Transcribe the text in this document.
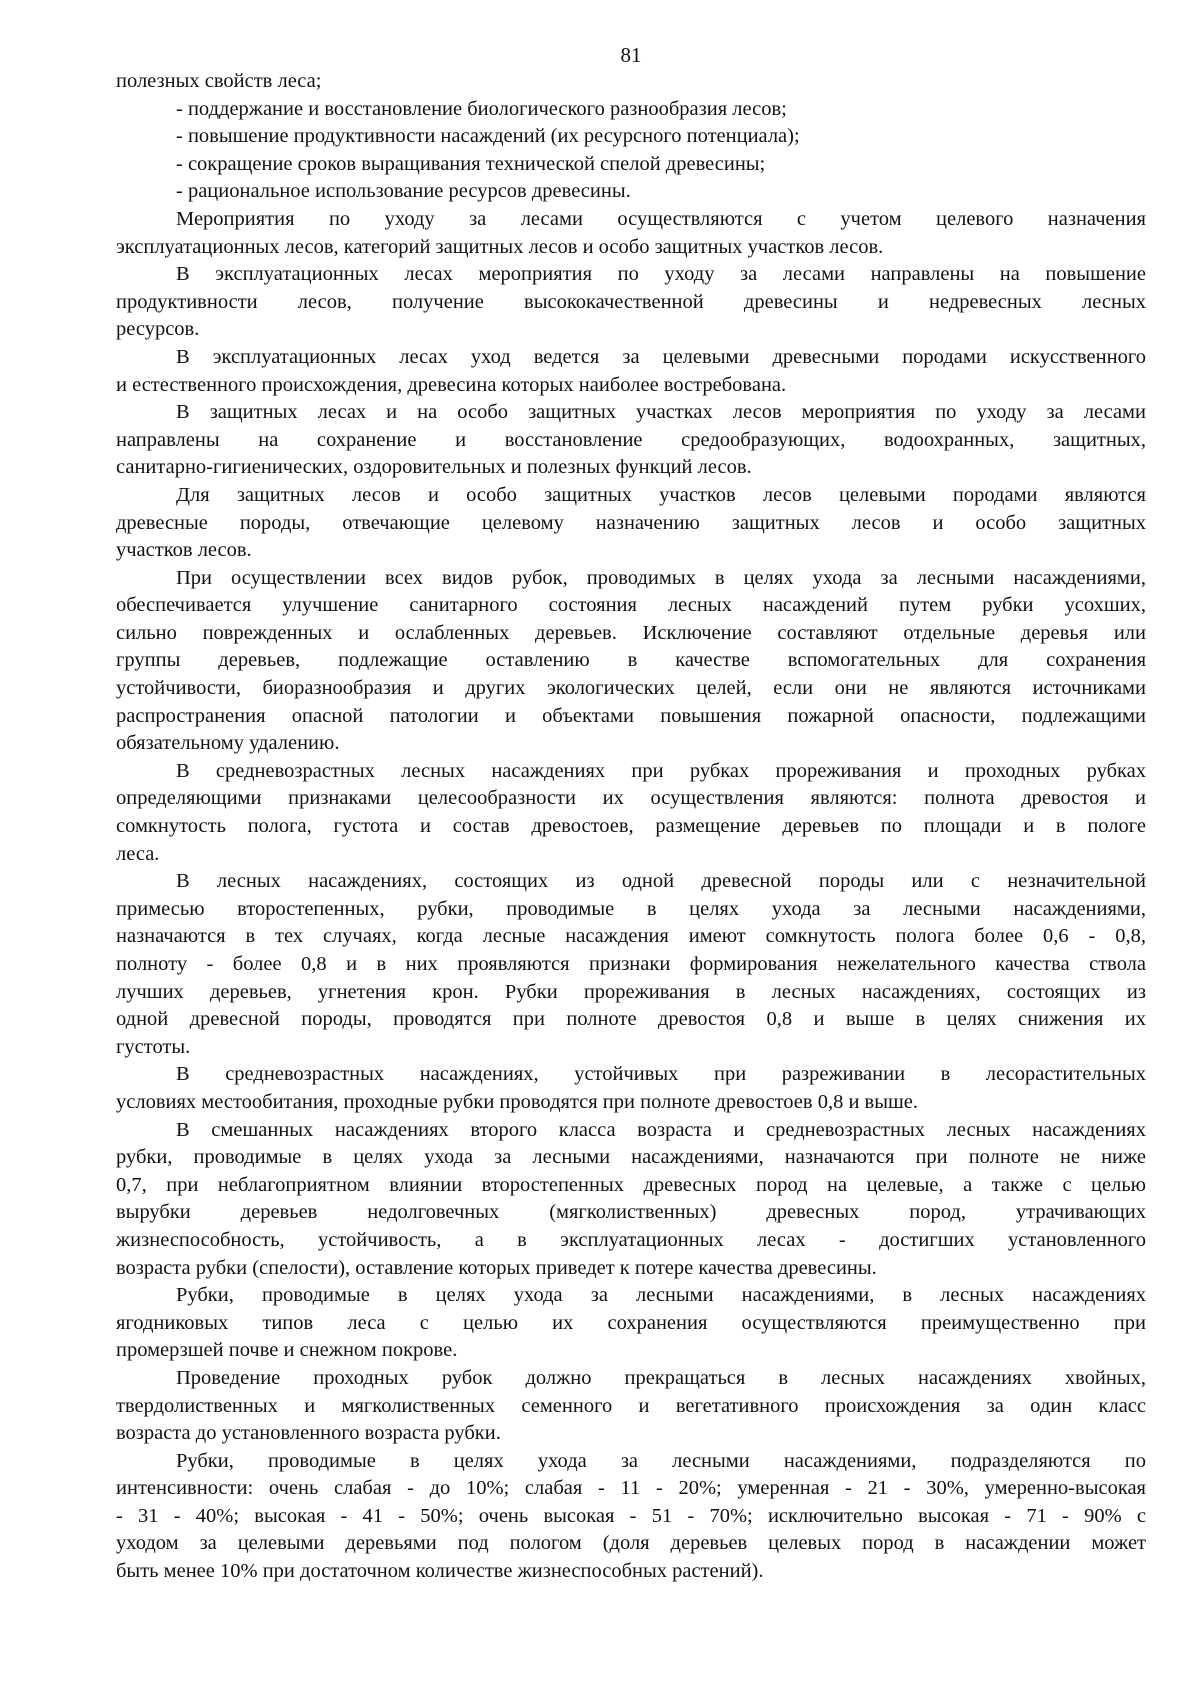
81
полезных свойств леса;
- поддержание и восстановление биологического разнообразия лесов;
- повышение продуктивности насаждений (их ресурсного потенциала);
- сокращение сроков выращивания технической спелой древесины;
- рациональное использование ресурсов древесины.
Мероприятия по уходу за лесами осуществляются с учетом целевого назначения
эксплуатационных лесов, категорий защитных лесов и особо защитных участков лесов.
В эксплуатационных лесах мероприятия по уходу за лесами направлены на повышение
продуктивности лесов, получение высококачественной древесины и недревесных лесных
ресурсов.
В эксплуатационных лесах уход ведется за целевыми древесными породами искусственного
и естественного происхождения, древесина которых наиболее востребована.
В защитных лесах и на особо защитных участках лесов мероприятия по уходу за лесами
направлены на сохранение и восстановление средообразующих, водоохранных, защитных,
санитарно-гигиенических, оздоровительных и полезных функций лесов.
Для защитных лесов и особо защитных участков лесов целевыми породами являются
древесные породы, отвечающие целевому назначению защитных лесов и особо защитных
участков лесов.
При осуществлении всех видов рубок, проводимых в целях ухода за лесными насаждениями,
обеспечивается улучшение санитарного состояния лесных насаждений путем рубки усохших,
сильно поврежденных и ослабленных деревьев. Исключение составляют отдельные деревья или
группы деревьев, подлежащие оставлению в качестве вспомогательных для сохранения
устойчивости, биоразнообразия и других экологических целей, если они не являются источниками
распространения опасной патологии и объектами повышения пожарной опасности, подлежащими
обязательному удалению.
В средневозрастных лесных насаждениях при рубках прореживания и проходных рубках
определяющими признаками целесообразности их осуществления являются: полнота древостоя и
сомкнутость полога, густота и состав древостоев, размещение деревьев по площади и в пологе
леса.
В лесных насаждениях, состоящих из одной древесной породы или с незначительной
примесью второстепенных, рубки, проводимые в целях ухода за лесными насаждениями,
назначаются в тех случаях, когда лесные насаждения имеют сомкнутость полога более 0,6 - 0,8,
полноту - более 0,8 и в них проявляются признаки формирования нежелательного качества ствола
лучших деревьев, угнетения крон. Рубки прореживания в лесных насаждениях, состоящих из
одной древесной породы, проводятся при полноте древостоя 0,8 и выше в целях снижения их
густоты.
В средневозрастных насаждениях, устойчивых при разреживании в лесорастительных
условиях местообитания, проходные рубки проводятся при полноте древостоев 0,8 и выше.
В смешанных насаждениях второго класса возраста и средневозрастных лесных насаждениях
рубки, проводимые в целях ухода за лесными насаждениями, назначаются при полноте не ниже
0,7, при неблагоприятном влиянии второстепенных древесных пород на целевые, а также с целью
вырубки деревьев недолговечных (мягколиственных) древесных пород, утрачивающих
жизнеспособность, устойчивость, а в эксплуатационных лесах - достигших установленного
возраста рубки (спелости), оставление которых приведет к потере качества древесины.
Рубки, проводимые в целях ухода за лесными насаждениями, в лесных насаждениях
ягодниковых типов леса с целью их сохранения осуществляются преимущественно при
промерзшей почве и снежном покрове.
Проведение проходных рубок должно прекращаться в лесных насаждениях хвойных,
твердолиственных и мягколиственных семенного и вегетативного происхождения за один класс
возраста до установленного возраста рубки.
Рубки, проводимые в целях ухода за лесными насаждениями, подразделяются по
интенсивности: очень слабая - до 10%; слабая - 11 - 20%; умеренная - 21 - 30%, умеренно-высокая
- 31 - 40%; высокая - 41 - 50%; очень высокая - 51 - 70%; исключительно высокая - 71 - 90% с
уходом за целевыми деревьями под пологом (доля деревьев целевых пород в насаждении может
быть менее 10% при достаточном количестве жизнеспособных растений).
